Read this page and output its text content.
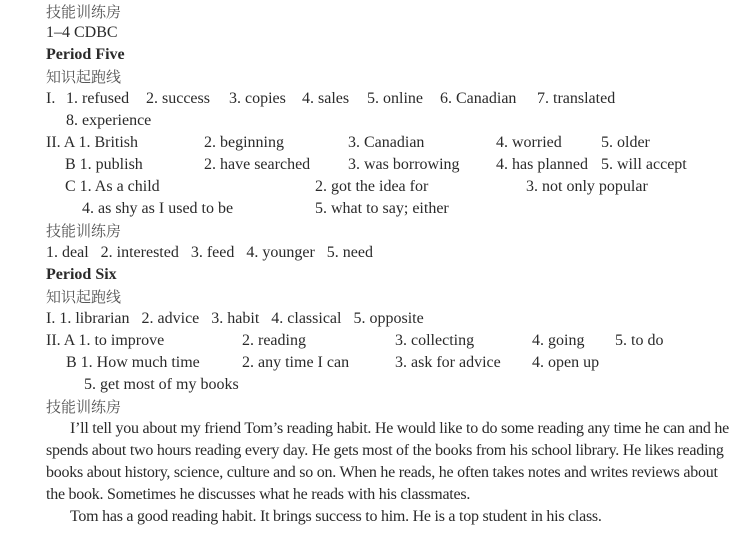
技能训练房
1–4 CDBC
Period Five
知识起跑线
I. 1. refused 2. success 3. copies 4. sales 5. online 6. Canadian 7. translated
8. experience
II. A 1. British	2. beginning	3. Canadian	4. worried 5. older
B 1. publish	2. have searched 3. was borrowing 4. has planned 5. will accept
C 1. As a child	2. got the idea for	3. not only popular
4. as shy as I used to be	5. what to say; either
技能训练房
1. deal   2. interested   3. feed   4. younger   5. need
Period Six
知识起跑线
I. 1. librarian   2. advice   3. habit   4. classical   5. opposite
II. A 1. to improve	2. reading	3. collecting	4. going 5. to do
B 1. How much time	2. any time I can	3. ask for advice 4. open up
5. get most of my books
技能训练房

I’ll tell you about my friend Tom’s reading habit. He would like to do some reading any time he can and he spends about two hours reading every day. He gets most of the books from his school library. He likes reading books about history, science, culture and so on. When he reads, he often takes notes and writes reviews about the book. Sometimes he discusses what he reads with his classmates.

Tom has a good reading habit. It brings success to him. He is a top student in his class.
